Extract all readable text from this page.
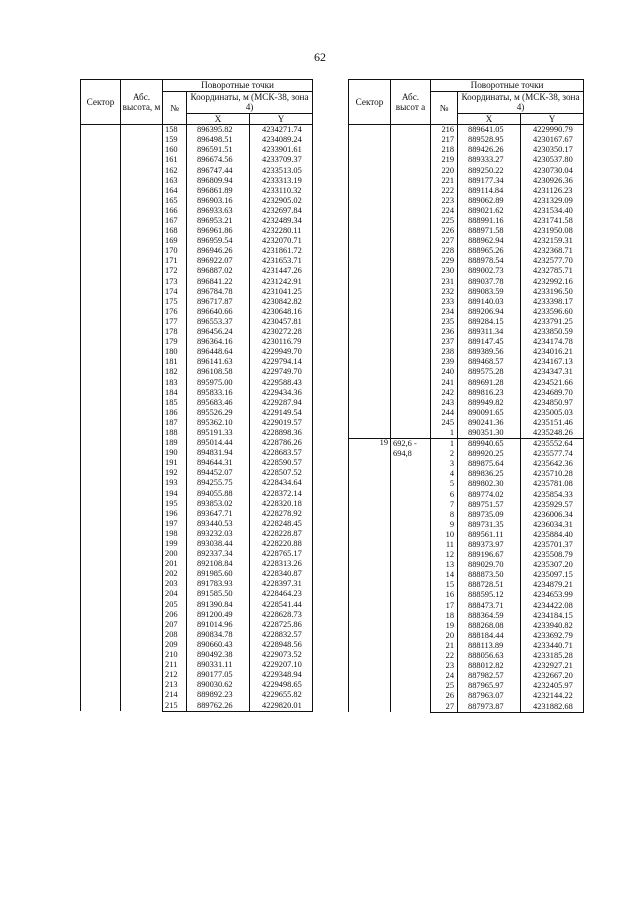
62
Сектор	Абс. высота, м	Поворотные точки		
		№	Координаты, м (МСК-38, зона 4)	
			X	Y
		158	896395.82	4234271.74
		159	896498.51	4234089.24
		160	896591.51	4233901.61
		161	896674.56	4233709.37
		162	896747.44	4233513.05
		163	896809.94	4233313.19
		164	896861.89	4233110.32
		165	896903.16	4232905.02
		166	896933.63	4232697.84
		167	896953.21	4232489.34
		168	896961.86	4232280.11
		169	896959.54	4232070.71
		170	896946.26	4231861.72
		171	896922.07	4231653.71
		172	896887.02	4231447.26
		173	896841.22	4231242.91
		174	896784.78	4231041.25
		175	896717.87	4230842.82
		176	896640.66	4230648.16
		177	896553.37	4230457.81
		178	896456.24	4230272.28
		179	896364.16	4230116.79
		180	896448.64	4229949.70
		181	896141.63	4229794.14
		182	896108.58	4229749.70
		183	895975.00	4229588.43
		184	895833.16	4229434.36
		185	895683.46	4229287.94
		186	895526.29	4229149.54
		187	895362.10	4229019.57
		188	895191.33	4228898.36
		189	895014.44	4228786.26
		190	894831.94	4228683.57
		191	894644.31	4228590.57
		192	894452.07	4228507.52
		193	894255.75	4228434.64
		194	894055.88	4228372.14
		195	893853.02	4228320.18
		196	893647.71	4228278.92
		197	893440.53	4228248.45
		198	893232.03	4228228.87
		199	893038.44	4228220.88
		200	892337.34	4228765.17
		201	892108.84	4228313.26
		202	891985.60	4228340.87
		203	891783.93	4228397.31
		204	891585.50	4228464.23
		205	891390.84	4228541.44
		206	891200.49	4228628.73
		207	891014.96	4228725.86
		208	890834.78	4228832.57
		209	890660.43	4228948.56
		210	890492.38	4229073.52
		211	890331.11	4229207.10
		212	890177.05	4229348.94
		213	890030.62	4229498.65
		214	889892.23	4229655.82
		215	889762.26	4229820.01
Сектор	Абс. высот а	Поворотные точки		
		№	Координаты, м (МСК-38, зона 4)	
			X	Y
		216	889641.05	4229990.79
		217	889528.95	4230167.67
		218	889426.26	4230350.17
		219	889333.27	4230537.80
		220	889250.22	4230730.04
		221	889177.34	4230926.36
		222	889114.84	4231126.23
		223	889062.89	4231329.09
		224	889021.62	4231534.40
		225	888991.16	4231741.58
		226	888971.58	4231950.08
		227	888962.94	4232159.31
		228	888965.26	4232368.71
		229	888978.54	4232577.70
		230	889002.73	4232785.71
		231	889037.78	4232992.16
		232	889083.59	4233196.50
		233	889140.03	4233398.17
		234	889206.94	4233596.60
		235	889284.15	4233791.25
		236	889311.34	4233850.59
		237	889147.45	4234174.78
		238	889389.56	4234016.21
		239	889468.57	4234167.13
		240	889575.28	4234347.31
		241	889691.28	4234521.66
		242	889816.23	4234689.70
		243	889949.82	4234850.97
		244	890091.65	4235005.03
		245	890241.36	4235151.46
		1	890351.30	4235248.26
19	692,6 - 694,8	1	889940.65	4235552.64
		2	889920.25	4235577.74
		3	889875.64	4235642.36
		4	889836.25	4235710.28
		5	889802.30	4235781.08
		6	889774.02	4235854.33
		7	889751.57	4235929.57
		8	889735.09	4236006.34
		9	889731.35	4236034.31
		10	889561.11	4235884.40
		11	889373.97	4235701.37
		12	889196.67	4235508.79
		13	889029.70	4235307.20
		14	888873.50	4235097.15
		15	888728.51	4234879.21
		16	888595.12	4234653.99
		17	888473.71	4234422.08
		18	888364.59	4234184.15
		19	888268.08	4233940.82
		20	888184.44	4233692.79
		21	888113.89	4233440.71
		22	888056.63	4233185.28
		23	888012.82	4232927.21
		24	887982.57	4232667.20
		25	887965.97	4232405.97
		26	887963.07	4232144.22
		27	887973.87	4231882.68
